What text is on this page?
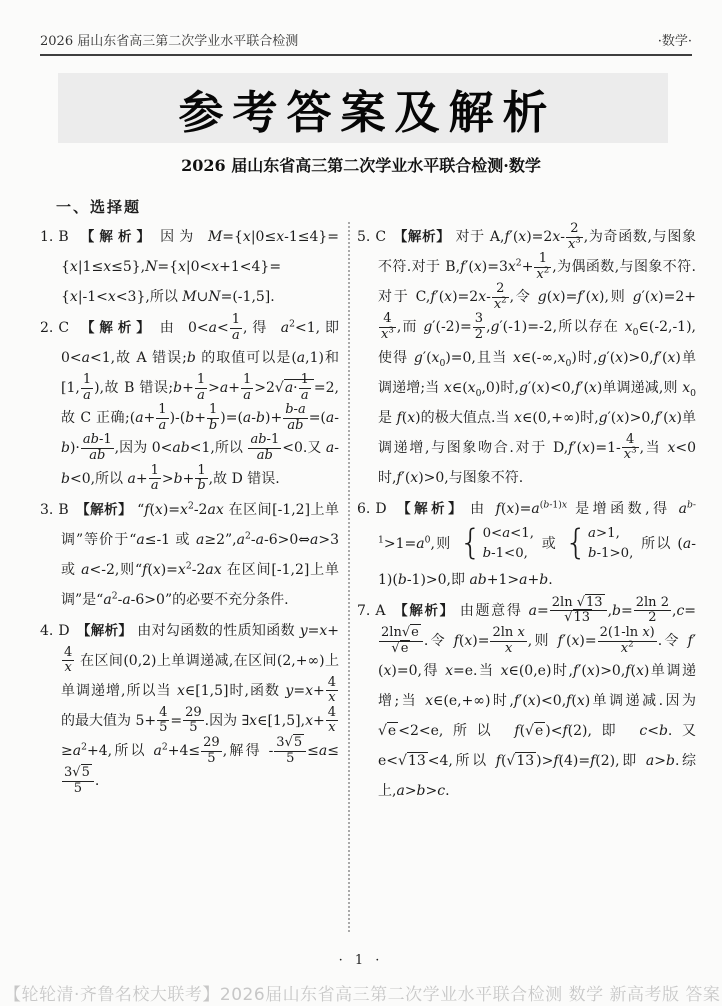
2026 届山东省高三第二次学业水平联合检测	·数学·
参考答案及解析
2026 届山东省高三第二次学业水平联合检测·数学
一、选择题
1. B 【解析】 因为 M={x|0≤x-1≤4}={x|1≤x≤5},N={x|0<x+1<4}={x|-1<x<3},所以 M∪N=(-1,5].
2. C 【解析】 由 $0<a< \frac{1}{a}$ ,得 $a^2<1$,即 0<a<1,故 A 错误;b 的取值可以是(a,1)和[1, $\frac{1}{a}$ ),故 B 错误;b+ $\frac{1}{a} >a+ \frac{1}{a} >2√a\cdot \frac{1}{a} =2$,故 C 正确;(a+ $\frac{1}{a} )-(b+ \frac{1}{b} )=(a-b)+ \frac{b-a}{ab} =(a-b)\cdot \frac{ab-1}{ab}$ ,因为 0<ab<1,所以 $\frac{ab-1}{ab} <0$.又 a-b<0,所以 $a+ \frac{1}{a} >b+ \frac{1}{b}$ ,故 D 错误.
3. B 【解析】 “$f(x)=x^2-2ax$ 在区间[-1,2]上单调”等价于“a≤-1 或 $a\ge 2”,a^2-a-6>0\Leftrightarrow a>3$ 或 a<-2,则“$f(x)=x^2-2ax$ 在区间[-1,2]上单调”是“$a^2-a-6>0$”的必要不充分条件.
4. D 【解析】 由对勾函数的性质知函数 y=x+
$\frac{4}{x}$ 在区间(0,2)上单调递减,在区间(2,+∞)上单调递增,所以当 x∈[1,5]时,函数 $y=x+ \frac{4}{x}$
的最大值为 $5+ \frac{4}{5} = \frac{29}{5}$ .因为 ∃x∈[1,5],x+ $\frac{4}{x}$
$\ge a^2+4$,所以 $a^2+4\le \frac{29}{5}$ ,解得 - $\frac{3√5}{5} \le a\le$
$\frac{3√5}{5}$ .
5. C 【解析】 对于 $A,f'(x)=2x- \frac{2}{x^3}$ ,为奇函数,与图象不符.对于 $B,f'(x)=3x^2+ \frac{1}{x^2}$ ,为偶函数,与图象不符.对于 $C,f'(x)=2x- \frac{2}{x^2}$ ,令 g(x)=f′(x),则 g′(x)=2+
$\frac{4}{x^3}$ ,而 $g'(-2)= \frac{3}{2} ,g'(-1)=-2$,所以存在 $x_0\in(-2,-1)$,使得 $g'(x_0)=0$,且当 $x\in(-\infty,x_0)$时,g′(x)>0,f′(x)单调递增;当 $x\in(x_0,0)$时,g′(x)<0,f′(x)单调递减,则 $x_0$ 是 f(x)的极大值点.当 x∈(0,+∞)时,g′(x)>0,f′(x)单调递增,与图象吻合.对于 $D,f'(x)=1- \frac{4}{x^3}$ ,当 x<0 时,f′(x)>0,与图象不符.
6. D 【解析】 由 $f(x)=a^{(b-1)x}$ 是增函数,得 $a^{b-1}>1=a^0$,则 { 0<a<1,
b-1<0,
或 { a>1,
b-1>0,
所以 (a-1)(b-1)>0,即 ab+1>a+b.
7. A 【解析】 由题意得 $a= \frac{2\ln √13}{√13} ,b= \frac{2\ln 2}{2} ,c=$
$\frac{2\ln√e}{√e}$ .令 $f(x)= \frac{\text{2ln x}}{x}$ ,则 $f'(x)= \frac{\text{2(1-ln x)}}{x^2}$ .令 f′(x)=0,得 x=e.当 x∈(0,e)时,f′(x)>0,f(x)单调递增;当 x∈(e,+∞)时,f′(x)<0,f(x)单调递减.因为√e <2<e,所以 f(√e )<f(2),即 c<b.又 e<√13 <4,所以 f(√13 )>f(4)=f(2),即 a>b.综上,a>b>c.
· 1 ·
【轮轮清·齐鲁名校大联考】2026届山东省高三第二次学业水平联合检测 数学 新高考版 答案
